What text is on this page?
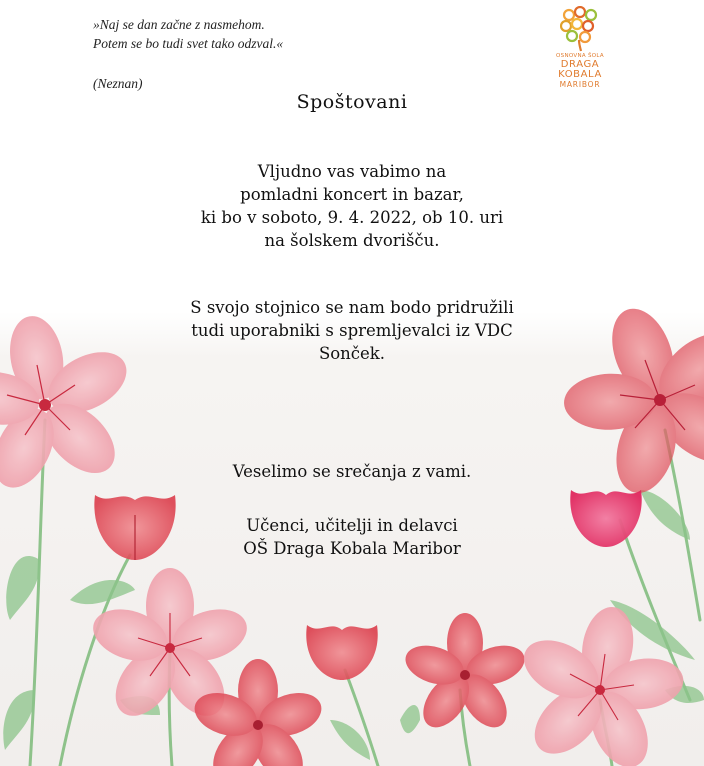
»Naj se dan začne z nasmehom.
Potem se bo tudi svet tako odzval.«
(Neznan)
OSNOVNA ŠOLA
DRAGA
KOBALA
MARIBOR
Spoštovani
Vljudno vas vabimo na
pomladni koncert in bazar,
ki bo v soboto, 9. 4. 2022, ob 10. uri
na šolskem dvorišču.
S svojo stojnico se nam bodo pridružili
tudi uporabniki s spremljevalci iz VDC
Sonček.
Veselimo se srečanja z vami.
Učenci, učitelji in delavci
OŠ Draga Kobala Maribor
